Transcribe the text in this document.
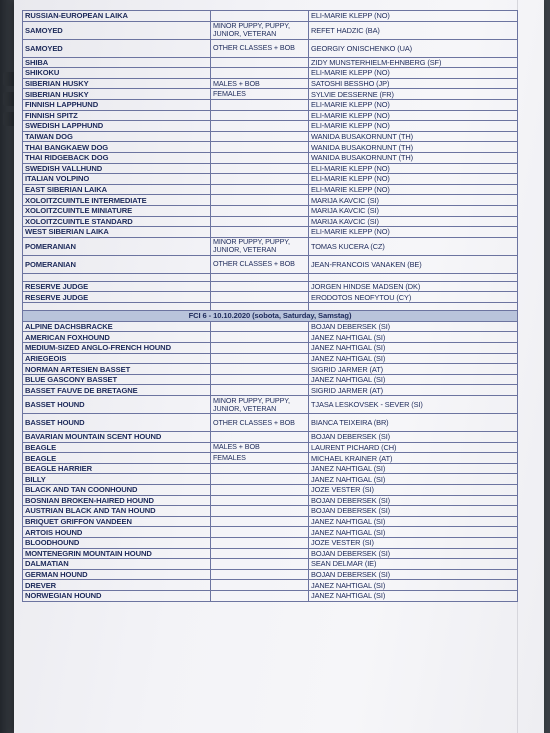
RUSSIAN-EUROPEAN LAIKA		ELI-MARIE KLEPP (NO)
SAMOYED	MINOR PUPPY, PUPPY, JUNIOR, VETERAN	REFET HADZIC (BA)
SAMOYED	OTHER CLASSES + BOB	GEORGIY ONISCHENKO (UA)
SHIBA		ZIDY MUNSTERHIELM-EHNBERG (SF)
SHIKOKU		ELI-MARIE KLEPP (NO)
SIBERIAN HUSKY	MALES + BOB	SATOSHI BESSHO (JP)
SIBERIAN HUSKY	FEMALES	SYLVIE DESSERNE (FR)
FINNISH LAPPHUND		ELI-MARIE KLEPP (NO)
FINNISH SPITZ		ELI-MARIE KLEPP (NO)
SWEDISH LAPPHUND		ELI-MARIE KLEPP (NO)
TAIWAN DOG		WANIDA BUSAKORNUNT (TH)
THAI BANGKAEW DOG		WANIDA BUSAKORNUNT (TH)
THAI RIDGEBACK DOG		WANIDA BUSAKORNUNT (TH)
SWEDISH VALLHUND		ELI-MARIE KLEPP (NO)
ITALIAN VOLPINO		ELI-MARIE KLEPP (NO)
EAST SIBERIAN LAIKA		ELI-MARIE KLEPP (NO)
XOLOITZCUINTLE INTERMEDIATE		MARIJA KAVCIC (SI)
XOLOITZCUINTLE MINIATURE		MARIJA KAVCIC (SI)
XOLOITZCUINTLE STANDARD		MARIJA KAVCIC (SI)
WEST SIBERIAN LAIKA		ELI-MARIE KLEPP (NO)
POMERANIAN	MINOR PUPPY, PUPPY, JUNIOR, VETERAN	TOMAS KUCERA (CZ)
POMERANIAN	OTHER CLASSES + BOB	JEAN-FRANCOIS VANAKEN (BE)

RESERVE JUDGE		JORGEN HINDSE MADSEN (DK)
RESERVE JUDGE		ERODOTOS NEOFYTOU (CY)

FCI 6 - 10.10.2020 (sobota, Saturday, Samstag)		
ALPINE DACHSBRACKE		BOJAN DEBERSEK (SI)
AMERICAN FOXHOUND		JANEZ NAHTIGAL (SI)
MEDIUM-SIZED ANGLO-FRENCH HOUND		JANEZ NAHTIGAL (SI)
ARIEGEOIS		JANEZ NAHTIGAL (SI)
NORMAN ARTESIEN BASSET		SIGRID JARMER (AT)
BLUE GASCONY BASSET		JANEZ NAHTIGAL (SI)
BASSET FAUVE DE BRETAGNE		SIGRID JARMER (AT)
BASSET HOUND	MINOR PUPPY, PUPPY, JUNIOR, VETERAN	TJASA LESKOVSEK - SEVER (SI)
BASSET HOUND	OTHER CLASSES + BOB	BIANCA TEIXEIRA (BR)
BAVARIAN MOUNTAIN SCENT HOUND		BOJAN DEBERSEK (SI)
BEAGLE	MALES + BOB	LAURENT PICHARD (CH)
BEAGLE	FEMALES	MICHAEL KRAINER (AT)
BEAGLE HARRIER		JANEZ NAHTIGAL (SI)
BILLY		JANEZ NAHTIGAL (SI)
BLACK AND TAN COONHOUND		JOZE VESTER (SI)
BOSNIAN BROKEN-HAIRED HOUND		BOJAN DEBERSEK (SI)
AUSTRIAN BLACK AND TAN HOUND		BOJAN DEBERSEK (SI)
BRIQUET GRIFFON VANDEEN		JANEZ NAHTIGAL (SI)
ARTOIS HOUND		JANEZ NAHTIGAL (SI)
BLOODHOUND		JOZE VESTER (SI)
MONTENEGRIN MOUNTAIN HOUND		BOJAN DEBERSEK (SI)
DALMATIAN		SEAN DELMAR (IE)
GERMAN HOUND		BOJAN DEBERSEK (SI)
DREVER		JANEZ NAHTIGAL (SI)
NORWEGIAN HOUND		JANEZ NAHTIGAL (SI)
